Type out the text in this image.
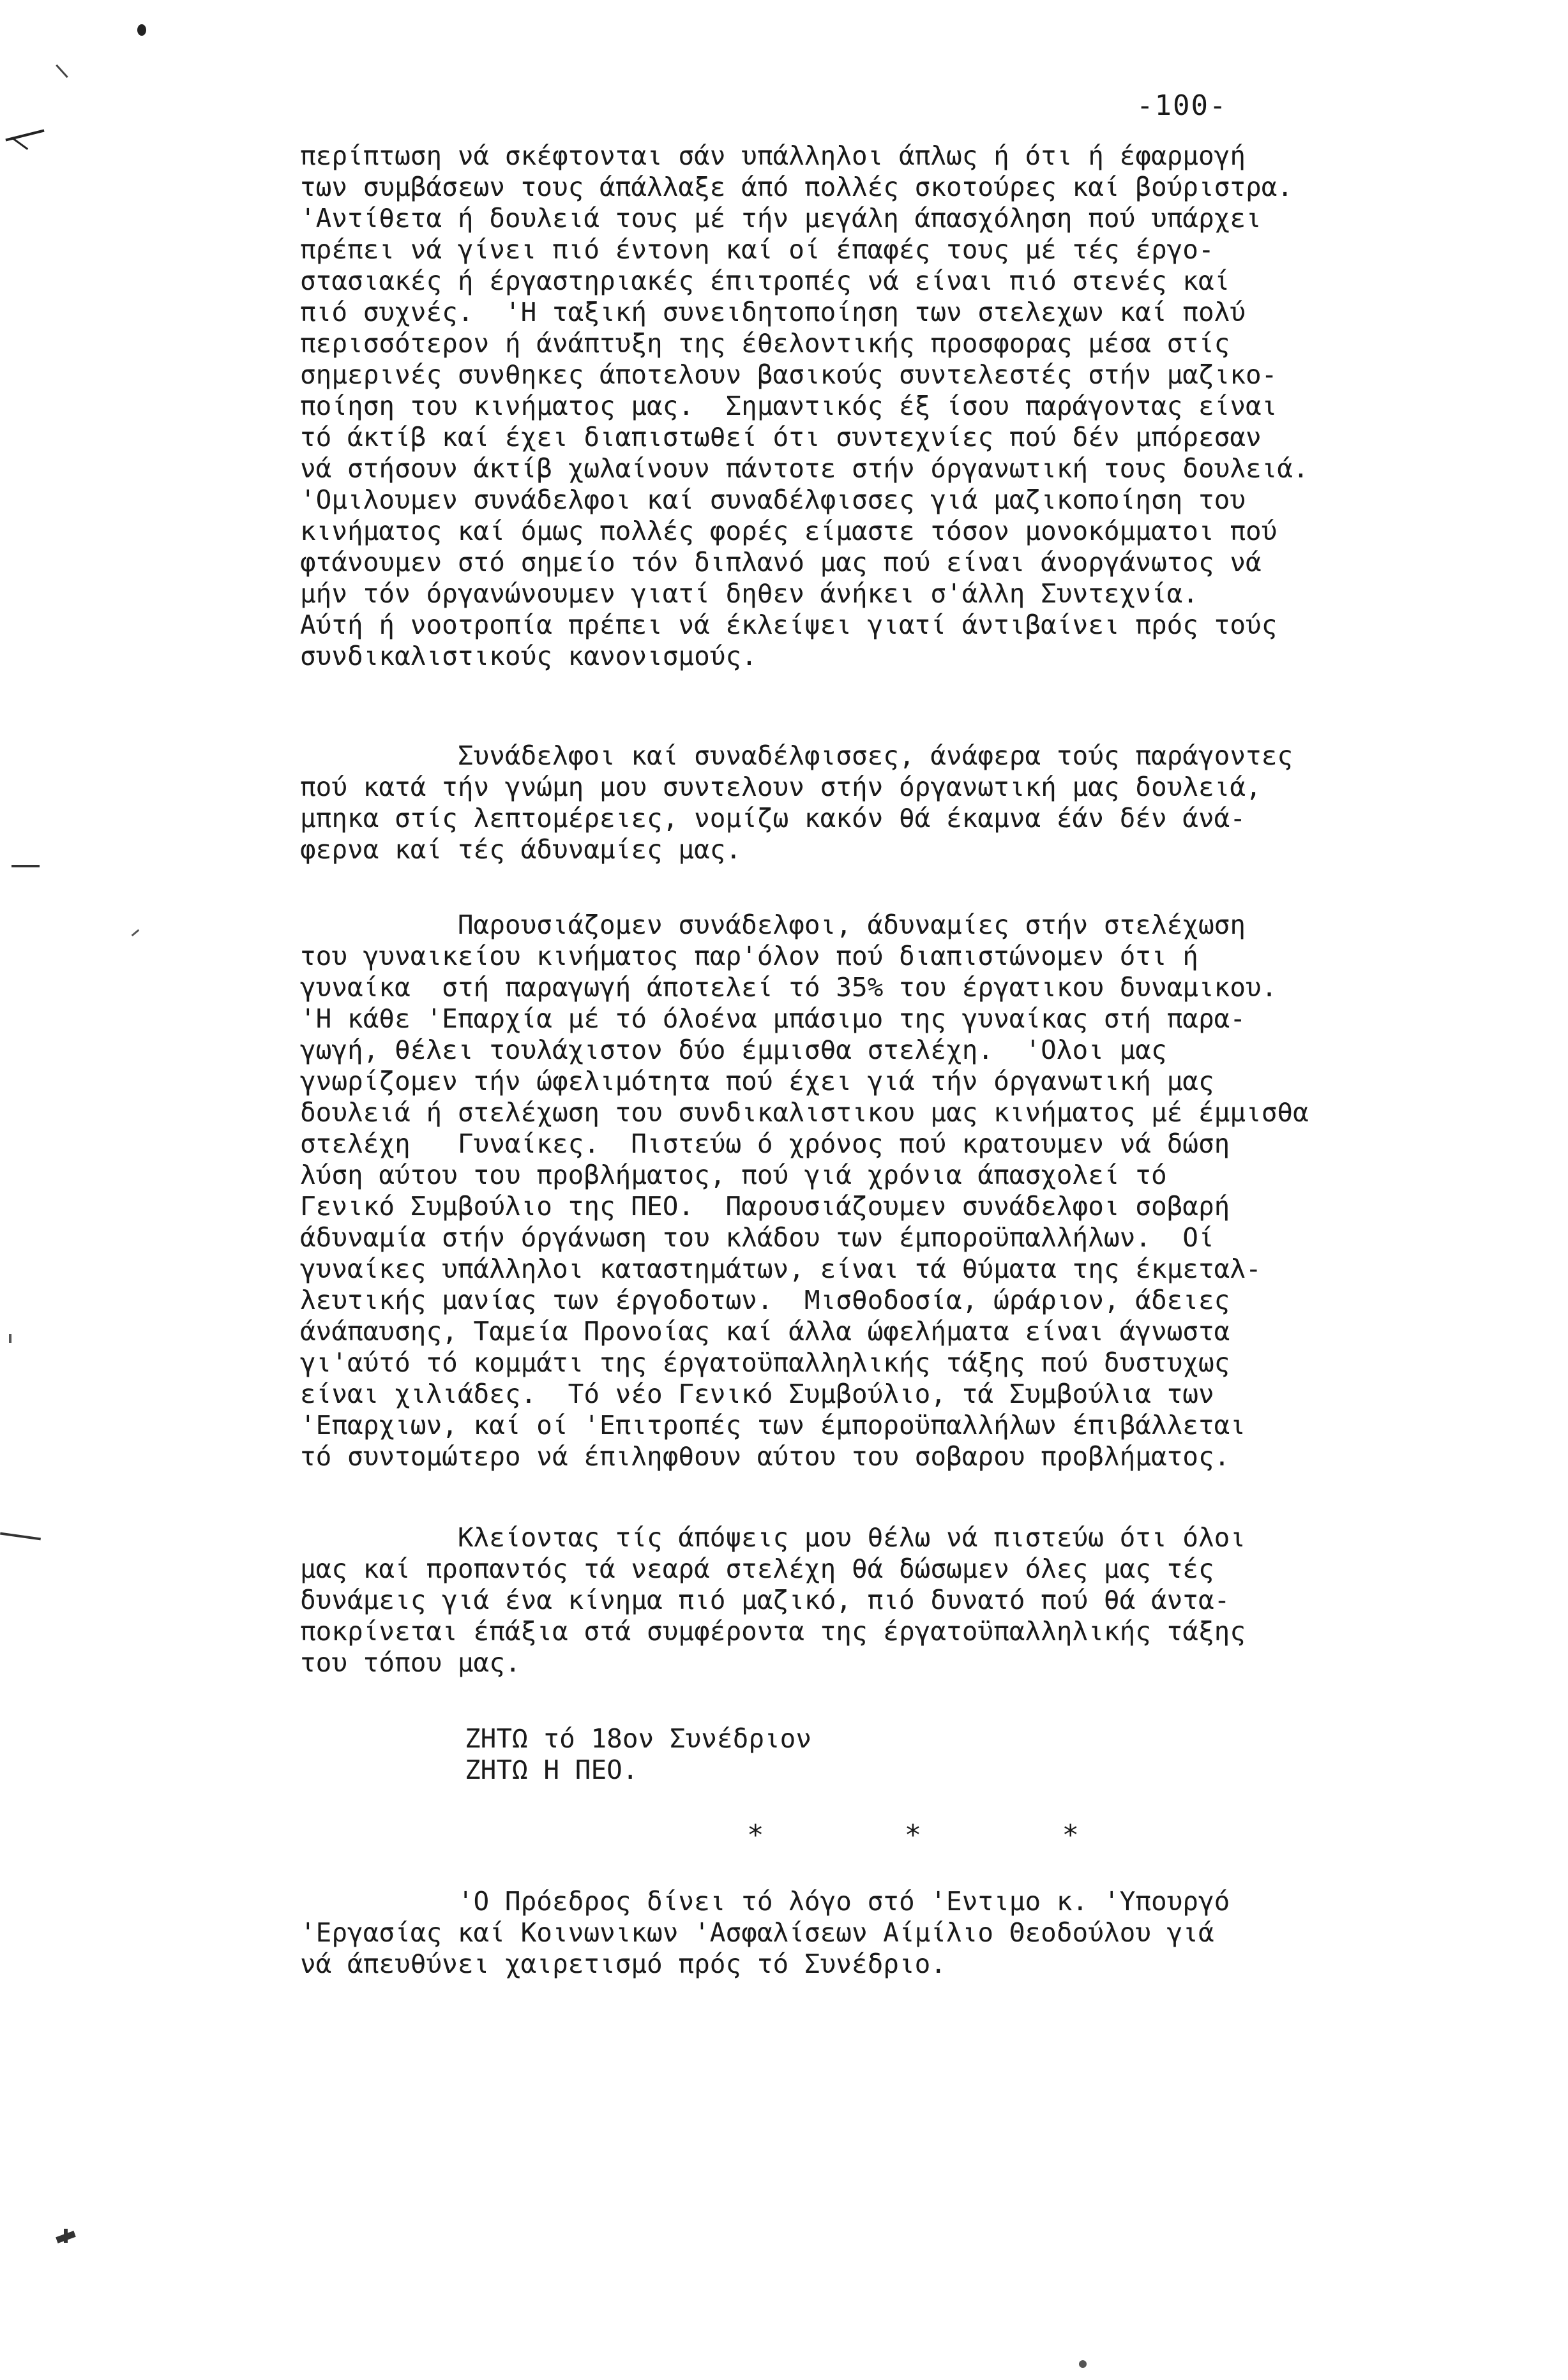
-100-
περίπτωση νά σκέφτονται σάν υπάλληλοι άπλως ή ότι ή έφαρμογή
των συμβάσεων τους άπάλλαξε άπό πολλές σκοτούρες καί βούριστρα.
'Αντίθετα ή δουλειά τους μέ τήν μεγάλη άπασχόληση πού υπάρχει
πρέπει νά γίνει πιό έντονη καί οί έπαφές τους μέ τές έργο-
στασιακές ή έργαστηριακές έπιτροπές νά είναι πιό στενές καί
πιό συχνές.  'Η ταξική συνειδητοποίηση των στελεχων καί πολύ
περισσότερον ή άνάπτυξη της έθελοντικής προσφορας μέσα στίς
σημερινές συνθηκες άποτελουν βασικούς συντελεστές στήν μαζικο-
ποίηση του κινήματος μας.  Σημαντικός έξ ίσου παράγοντας είναι
τό άκτίβ καί έχει διαπιστωθεί ότι συντεχνίες πού δέν μπόρεσαν
νά στήσουν άκτίβ χωλαίνουν πάντοτε στήν όργανωτική τους δουλειά.
'Ομιλουμεν συνάδελφοι καί συναδέλφισσες γιά μαζικοποίηση του
κινήματος καί όμως πολλές φορές είμαστε τόσον μονοκόμματοι πού
φτάνουμεν στό σημείο τόν διπλανό μας πού είναι άνοργάνωτος νά
μήν τόν όργανώνουμεν γιατί δηθεν άνήκει σ'άλλη Συντεχνία.
Αύτή ή νοοτροπία πρέπει νά έκλείψει γιατί άντιβαίνει πρός τούς
συνδικαλιστικούς κανονισμούς.
Συνάδελφοι καί συναδέλφισσες, άνάφερα τούς παράγοντες
πού κατά τήν γνώμη μου συντελουν στήν όργανωτική μας δουλειά,
μπηκα στίς λεπτομέρειες, νομίζω κακόν θά έκαμνα έάν δέν άνά-
φερνα καί τές άδυναμίες μας.
Παρουσιάζομεν συνάδελφοι, άδυναμίες στήν στελέχωση
του γυναικείου κινήματος παρ'όλον πού διαπιστώνομεν ότι ή
γυναίκα  στή παραγωγή άποτελεί τό 35% του έργατικου δυναμικου.
'Η κάθε 'Επαρχία μέ τό όλοένα μπάσιμο της γυναίκας στή παρα-
γωγή, θέλει τουλάχιστον δύο έμμισθα στελέχη.  'Ολοι μας
γνωρίζομεν τήν ώφελιμότητα πού έχει γιά τήν όργανωτική μας
δουλειά ή στελέχωση του συνδικαλιστικου μας κινήματος μέ έμμισθα
στελέχη   Γυναίκες.  Πιστεύω ό χρόνος πού κρατουμεν νά δώση
λύση αύτου του προβλήματος, πού γιά χρόνια άπασχολεί τό
Γενικό Συμβούλιο της ΠΕΟ.  Παρουσιάζουμεν συνάδελφοι σοβαρή
άδυναμία στήν όργάνωση του κλάδου των έμποροϋπαλλήλων.  Οί
γυναίκες υπάλληλοι καταστημάτων, είναι τά θύματα της έκμεταλ-
λευτικής μανίας των έργοδοτων.  Μισθοδοσία, ώράριον, άδειες
άνάπαυσης, Ταμεία Προνοίας καί άλλα ώφελήματα είναι άγνωστα
γι'αύτό τό κομμάτι της έργατοϋπαλληλικής τάξης πού δυστυχως
είναι χιλιάδες.  Τό νέο Γενικό Συμβούλιο, τά Συμβούλια των
'Επαρχιων, καί οί 'Επιτροπές των έμποροϋπαλλήλων έπιβάλλεται
τό συντομώτερο νά έπιληφθουν αύτου του σοβαρου προβλήματος.
Κλείοντας τίς άπόψεις μου θέλω νά πιστεύω ότι όλοι
μας καί προπαντός τά νεαρά στελέχη θά δώσωμεν όλες μας τές
δυνάμεις γιά ένα κίνημα πιό μαζικό, πιό δυνατό πού θά άντα-
ποκρίνεται έπάξια στά συμφέροντα της έργατοϋπαλληλικής τάξης
του τόπου μας.
ΖΗΤΩ τό 18ον Συνέδριον
ΖΗΤΩ Η ΠΕΟ.
*	*	*
'Ο Πρόεδρος δίνει τό λόγο στό 'Εντιμο κ. 'Υπουργό
'Εργασίας καί Κοινωνικων 'Ασφαλίσεων Αίμίλιο Θεοδούλου γιά
νά άπευθύνει χαιρετισμό πρός τό Συνέδριο.
